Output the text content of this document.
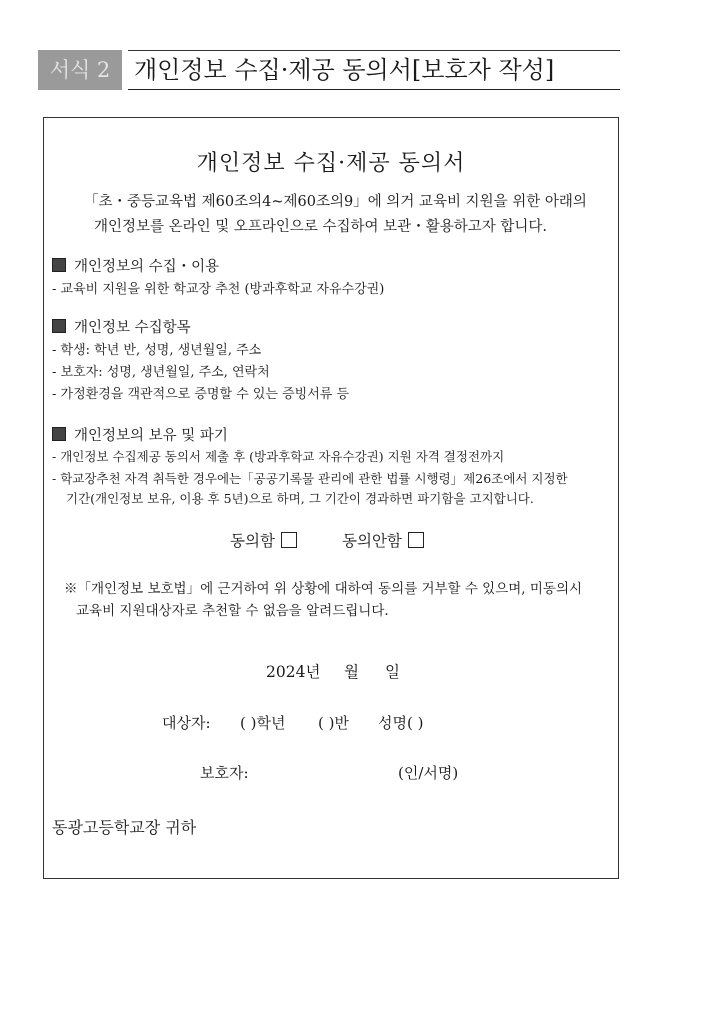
서식 2 개인정보 수집·제공 동의서[보호자 작성]
개인정보 수집·제공 동의서
「초・중등교육법 제60조의4~제60조의9」에 의거 교육비 지원을 위한 아래의
개인정보를 온라인 및 오프라인으로 수집하여 보관・활용하고자 합니다.
개인정보의 수집・이용
- 교육비 지원을 위한 학교장 추천 (방과후학교 자유수강권)
개인정보 수집항목
- 학생: 학년 반, 성명, 생년월일, 주소
- 보호자: 성명, 생년월일, 주소, 연락처
- 가정환경을 객관적으로 증명할 수 있는 증빙서류 등
개인정보의 보유 및 파기
- 개인정보 수집제공 동의서 제출 후 (방과후학교 자유수강권) 지원 자격 결정전까지
- 학교장추천 자격 취득한 경우에는「공공기록물 관리에 관한 법률 시행령」제26조에서 지정한
기간(개인정보 보유, 이용 후 5년)으로 하며, 그 기간이 경과하면 파기함을 고지합니다.
동의함	동의안함
※「개인정보 보호법」에 근거하여 위 상황에 대하여 동의를 거부할 수 있으며, 미동의시
교육비 지원대상자로 추천할 수 없음을 알려드립니다.
2024년 월 일
대상자: ( )학년 ( )반 성명( )
보호자:	(인/서명)
동광고등학교장 귀하
